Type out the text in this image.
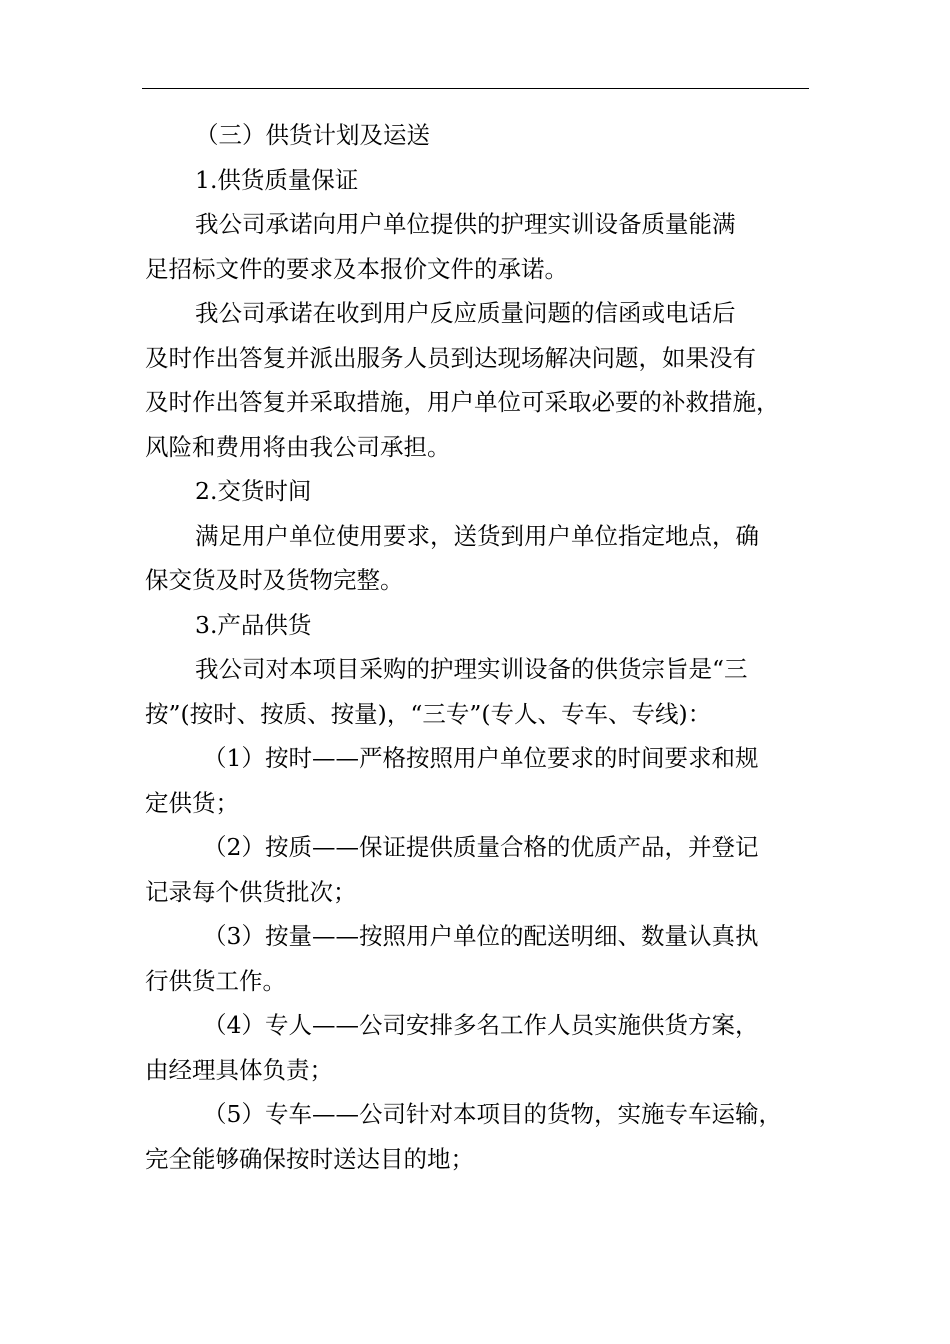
（三）供货计划及运送
1.供货质量保证
我公司承诺向用户单位提供的护理实训设备质量能满
足招标文件的要求及本报价文件的承诺。
我公司承诺在收到用户反应质量问题的信函或电话后
及时作出答复并派出服务人员到达现场解决问题，如果没有
及时作出答复并采取措施，用户单位可采取必要的补救措施，
风险和费用将由我公司承担。
2.交货时间
满足用户单位使用要求，送货到用户单位指定地点，确
保交货及时及货物完整。
3.产品供货
我公司对本项目采购的护理实训设备的供货宗旨是“三
按”(按时、按质、按量)，“三专”(专人、专车、专线)：
（1）按时——严格按照用户单位要求的时间要求和规
定供货；
（2）按质——保证提供质量合格的优质产品，并登记
记录每个供货批次；
（3）按量——按照用户单位的配送明细、数量认真执
行供货工作。
（4）专人——公司安排多名工作人员实施供货方案，
由经理具体负责；
（5）专车——公司针对本项目的货物，实施专车运输，
完全能够确保按时送达目的地；
